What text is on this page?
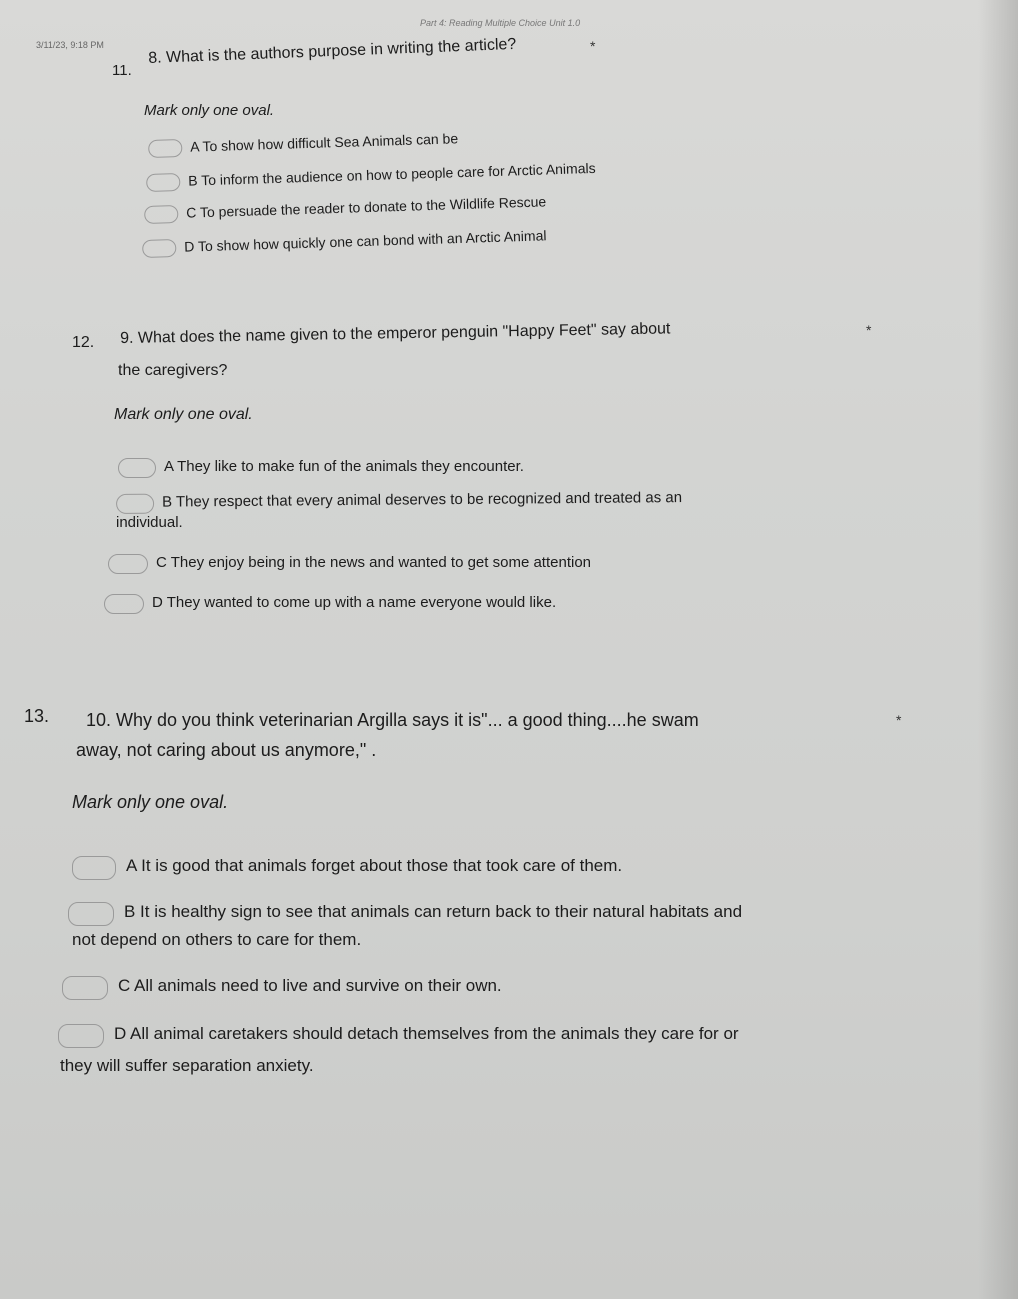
3/11/23, 9:18 PM
Part 4: Reading Multiple Choice Unit 1.0
11.
8. What is the authors purpose in writing the article?	*
Mark only one oval.
A To show how difficult Sea Animals can be
B To inform the audience on how to people care for Arctic Animals
C To persuade the reader to donate to the Wildlife Rescue
D To show how quickly one can bond with an Arctic Animal
12. 9. What does the name given to the emperor penguin "Happy Feet" say about
the caregivers?
*
Mark only one oval.
A They like to make fun of the animals they encounter.
B They respect that every animal deserves to be recognized and treated as an
individual.
C They enjoy being in the news and wanted to get some attention
D They wanted to come up with a name everyone would like.
13. 10. Why do you think veterinarian Argilla says it is"... a good thing....he swam
away, not caring about us anymore," .
*
Mark only one oval.
A It is good that animals forget about those that took care of them.
B It is healthy sign to see that animals can return back to their natural habitats and
not depend on others to care for them.
C All animals need to live and survive on their own.
D All animal caretakers should detach themselves from the animals they care for or
they will suffer separation anxiety.
